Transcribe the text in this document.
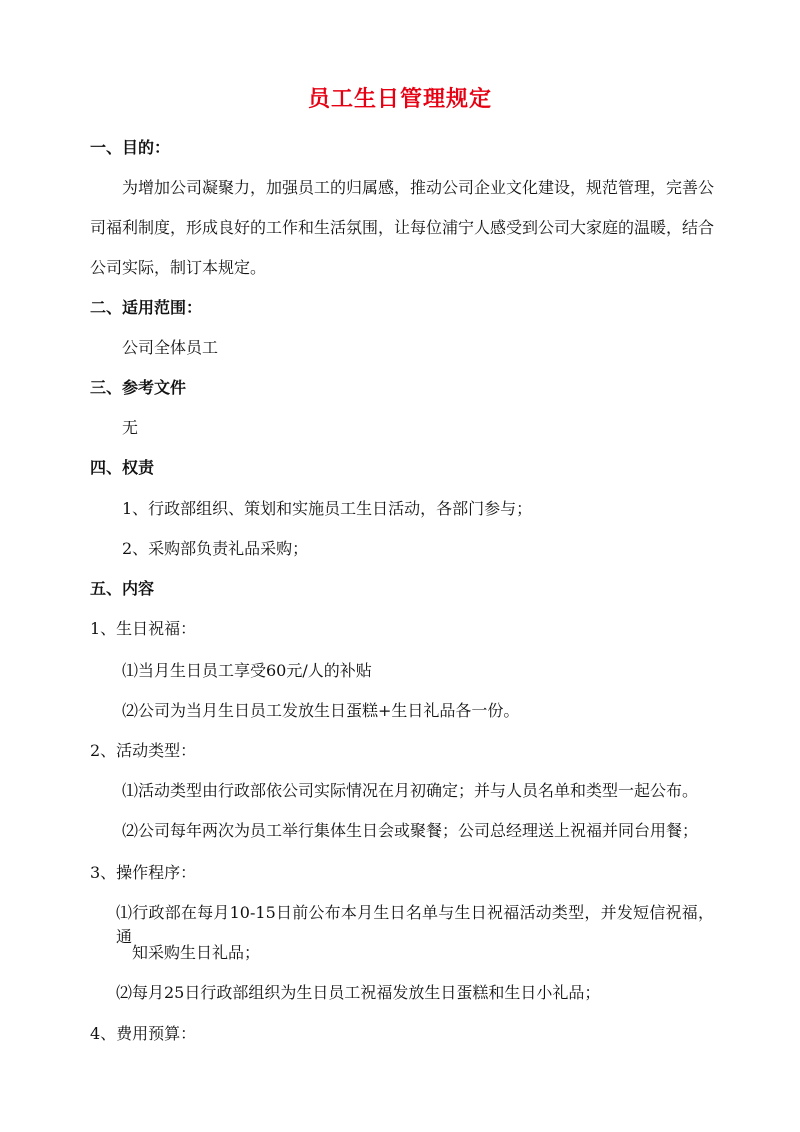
员工生日管理规定
一、目的：
为增加公司凝聚力，加强员工的归属感，推动公司企业文化建设，规范管理，完善公
司福利制度，形成良好的工作和生活氛围，让每位浦宁人感受到公司大家庭的温暖，结合
公司实际，制订本规定。
二、适用范围：
公司全体员工
三、参考文件
无
四、权责
1、行政部组织、策划和实施员工生日活动，各部门参与；
2、采购部负责礼品采购；
五、内容
1、生日祝福：
⑴当月生日员工享受60元/人的补贴
⑵公司为当月生日员工发放生日蛋糕+生日礼品各一份。
2、活动类型：
⑴活动类型由行政部依公司实际情况在月初确定；并与人员名单和类型一起公布。
⑵公司每年两次为员工举行集体生日会或聚餐；公司总经理送上祝福并同台用餐；
3、操作程序：
⑴行政部在每月10-15日前公布本月生日名单与生日祝福活动类型，并发短信祝福，通
知采购生日礼品；
⑵每月25日行政部组织为生日员工祝福发放生日蛋糕和生日小礼品；
4、费用预算：
